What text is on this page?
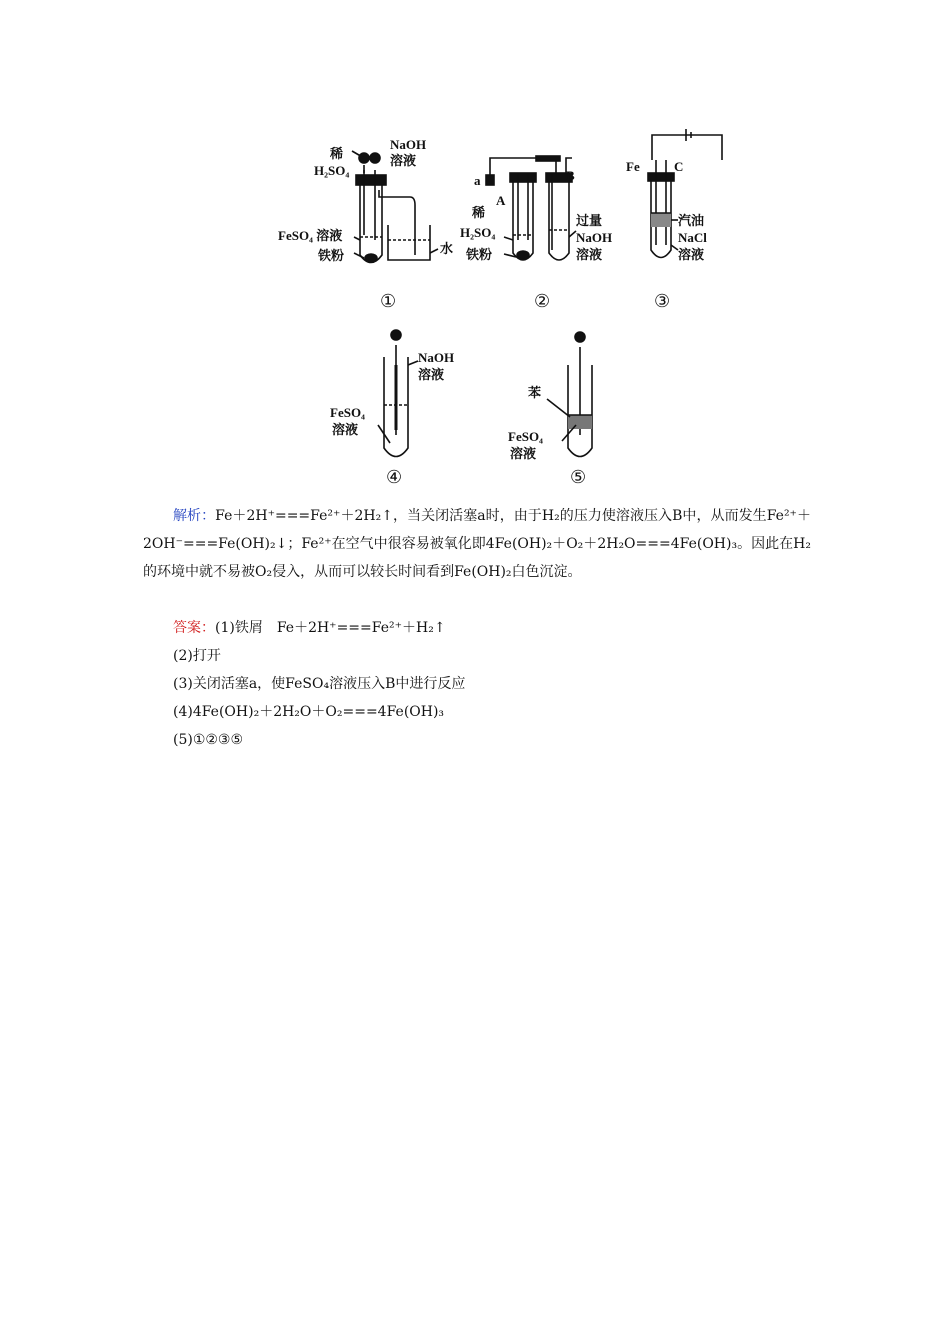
NaOH
溶液
稀
H₂SO₄
FeSO₄ 溶液
铁粉	水
a
A
B
稀
H₂SO₄
铁粉
过量
NaOH
溶液
Fe	C
汽油
NaCl
溶液
NaOH
溶液
FeSO₄
溶液
苯
FeSO₄
溶液
①	②	③
④	⑤
解析：Fe＋2H⁺===Fe²⁺＋2H₂↑，当关闭活塞a时，由于H₂的压力使溶液压入B中，从而发生Fe²⁺＋2OH⁻===Fe(OH)₂↓；Fe²⁺在空气中很容易被氧化即4Fe(OH)₂＋O₂＋2H₂O===4Fe(OH)₃。因此在H₂的环境中就不易被O₂侵入，从而可以较长时间看到Fe(OH)₂白色沉淀。
答案：(1)铁屑　Fe＋2H⁺===Fe²⁺＋H₂↑
(2)打开
(3)关闭活塞a，使FeSO₄溶液压入B中进行反应
(4)4Fe(OH)₂＋2H₂O＋O₂===4Fe(OH)₃
(5)①②③⑤
